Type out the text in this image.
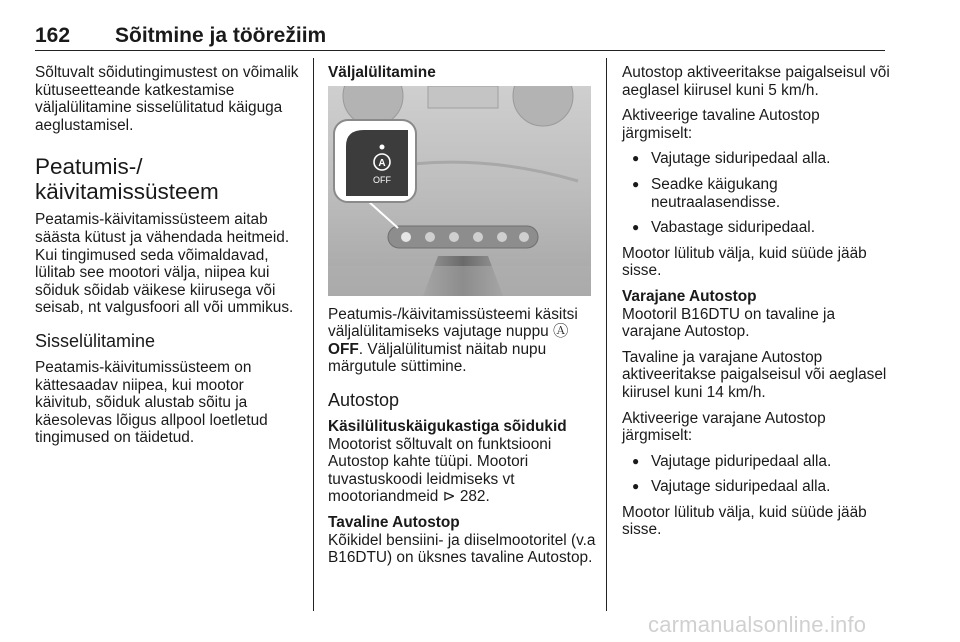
162 Sõitmine ja töörežiim

Sõltuvalt sõidutingimustest on võimalik kütuseetteande katkestamise väljalülitamine sisselülitatud käiguga aeglustamisel.

Peatumis-/ käivitamissüsteem

Peatamis-käivitamissüsteem aitab säästa kütust ja vähendada heitmeid. Kui tingimused seda võimaldavad, lülitab see mootori välja, niipea kui sõiduk sõidab väikese kiirusega või seisab, nt valgusfoori all või ummikus.

Sisselülitamine

Peatamis-käivitumissüsteem on kättesaadav niipea, kui mootor käivitub, sõiduk alustab sõitu ja käesolevas lõigus allpool loetletud tingimused on täidetud.

Väljalülitamine
A
OFF

Peatumis-/käivitamissüsteemi käsitsi väljalülitamiseks vajutage nuppu Ⓐ
OFF. Väljalülitumist näitab nupu märgutule süttimine.

Autostop
Käsilülituskäigukastiga sõidukid

Mootorist sõltuvalt on funktsiooni Autostop kahte tüüpi. Mootori tuvastuskoodi leidmiseks vt mootoriandmeid ⊳ 282.

Tavaline Autostop

Kõikidel bensiini- ja diiselmootoritel (v.a B16DTU) on üksnes tavaline Autostop.

Autostop aktiveeritakse paigalseisul või aeglasel kiirusel kuni 5 km/h.

Aktiveerige tavaline Autostop järgmiselt:

● Vajutage siduripedaal alla.
● Seadke käigukang neutraalasendisse.
● Vabastage siduripedaal.

Mootor lülitub välja, kuid süüde jääb sisse.

Varajane Autostop

Mootoril B16DTU on tavaline ja varajane Autostop.

Tavaline ja varajane Autostop aktiveeritakse paigalseisul või aeglasel kiirusel kuni 14 km/h.

Aktiveerige varajane Autostop järgmiselt:

● Vajutage piduripedaal alla.
● Vajutage siduripedaal alla.

Mootor lülitub välja, kuid süüde jääb sisse.

carmanualsonline.info
